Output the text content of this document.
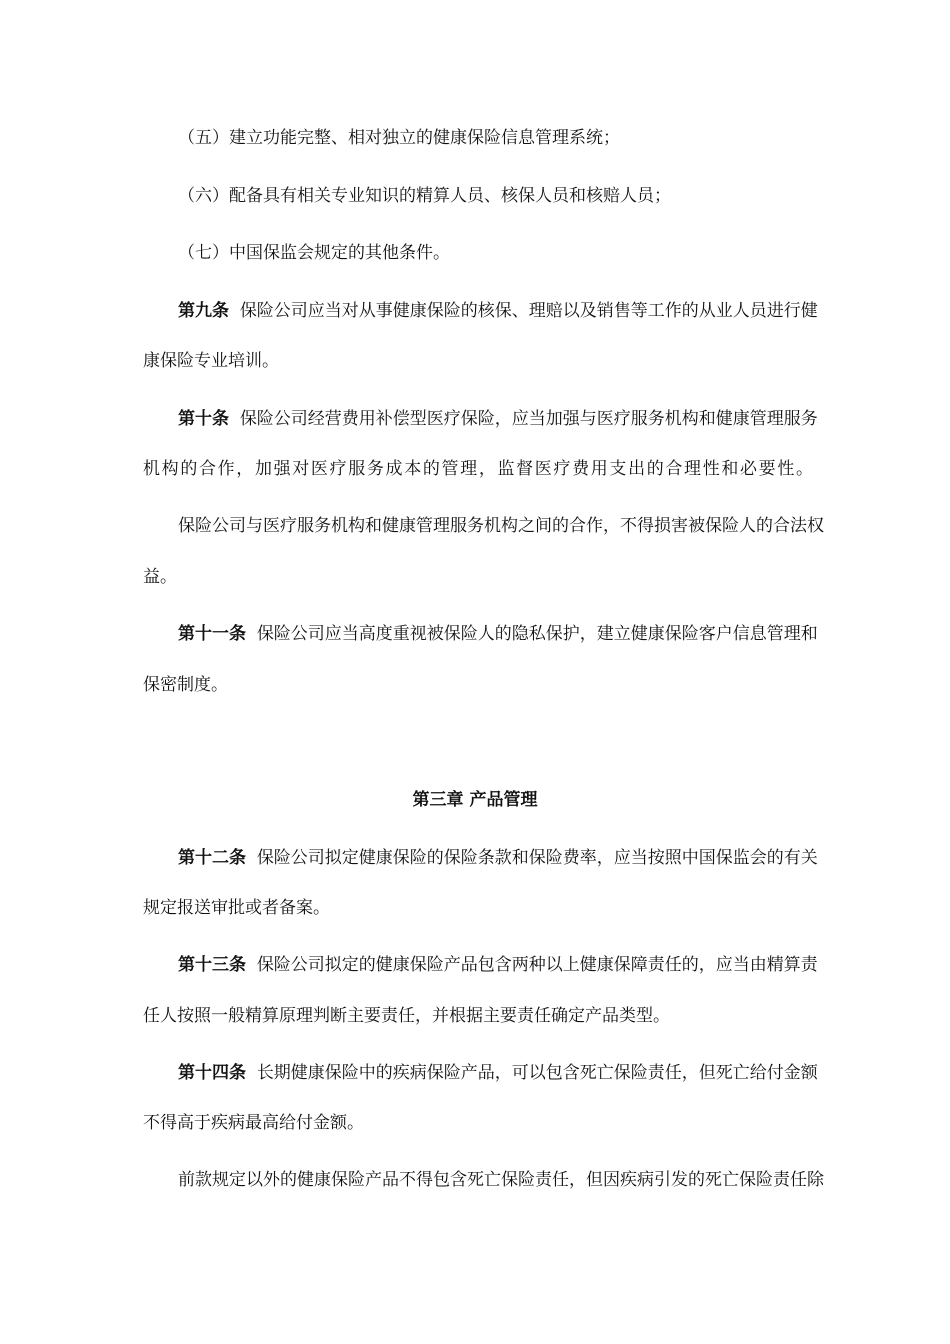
（五）建立功能完整、相对独立的健康保险信息管理系统；
（六）配备具有相关专业知识的精算人员、核保人员和核赔人员；
（七）中国保监会规定的其他条件。
第九条 保险公司应当对从事健康保险的核保、理赔以及销售等工作的从业人员进行健
康保险专业培训。
第十条 保险公司经营费用补偿型医疗保险，应当加强与医疗服务机构和健康管理服务
机构的合作，加强对医疗服务成本的管理，监督医疗费用支出的合理性和必要性。
保险公司与医疗服务机构和健康管理服务机构之间的合作，不得损害被保险人的合法权
益。
第十一条 保险公司应当高度重视被保险人的隐私保护，建立健康保险客户信息管理和
保密制度。
第三章 产品管理
第十二条 保险公司拟定健康保险的保险条款和保险费率，应当按照中国保监会的有关
规定报送审批或者备案。
第十三条 保险公司拟定的健康保险产品包含两种以上健康保障责任的，应当由精算责
任人按照一般精算原理判断主要责任，并根据主要责任确定产品类型。
第十四条 长期健康保险中的疾病保险产品，可以包含死亡保险责任，但死亡给付金额
不得高于疾病最高给付金额。
前款规定以外的健康保险产品不得包含死亡保险责任，但因疾病引发的死亡保险责任除
